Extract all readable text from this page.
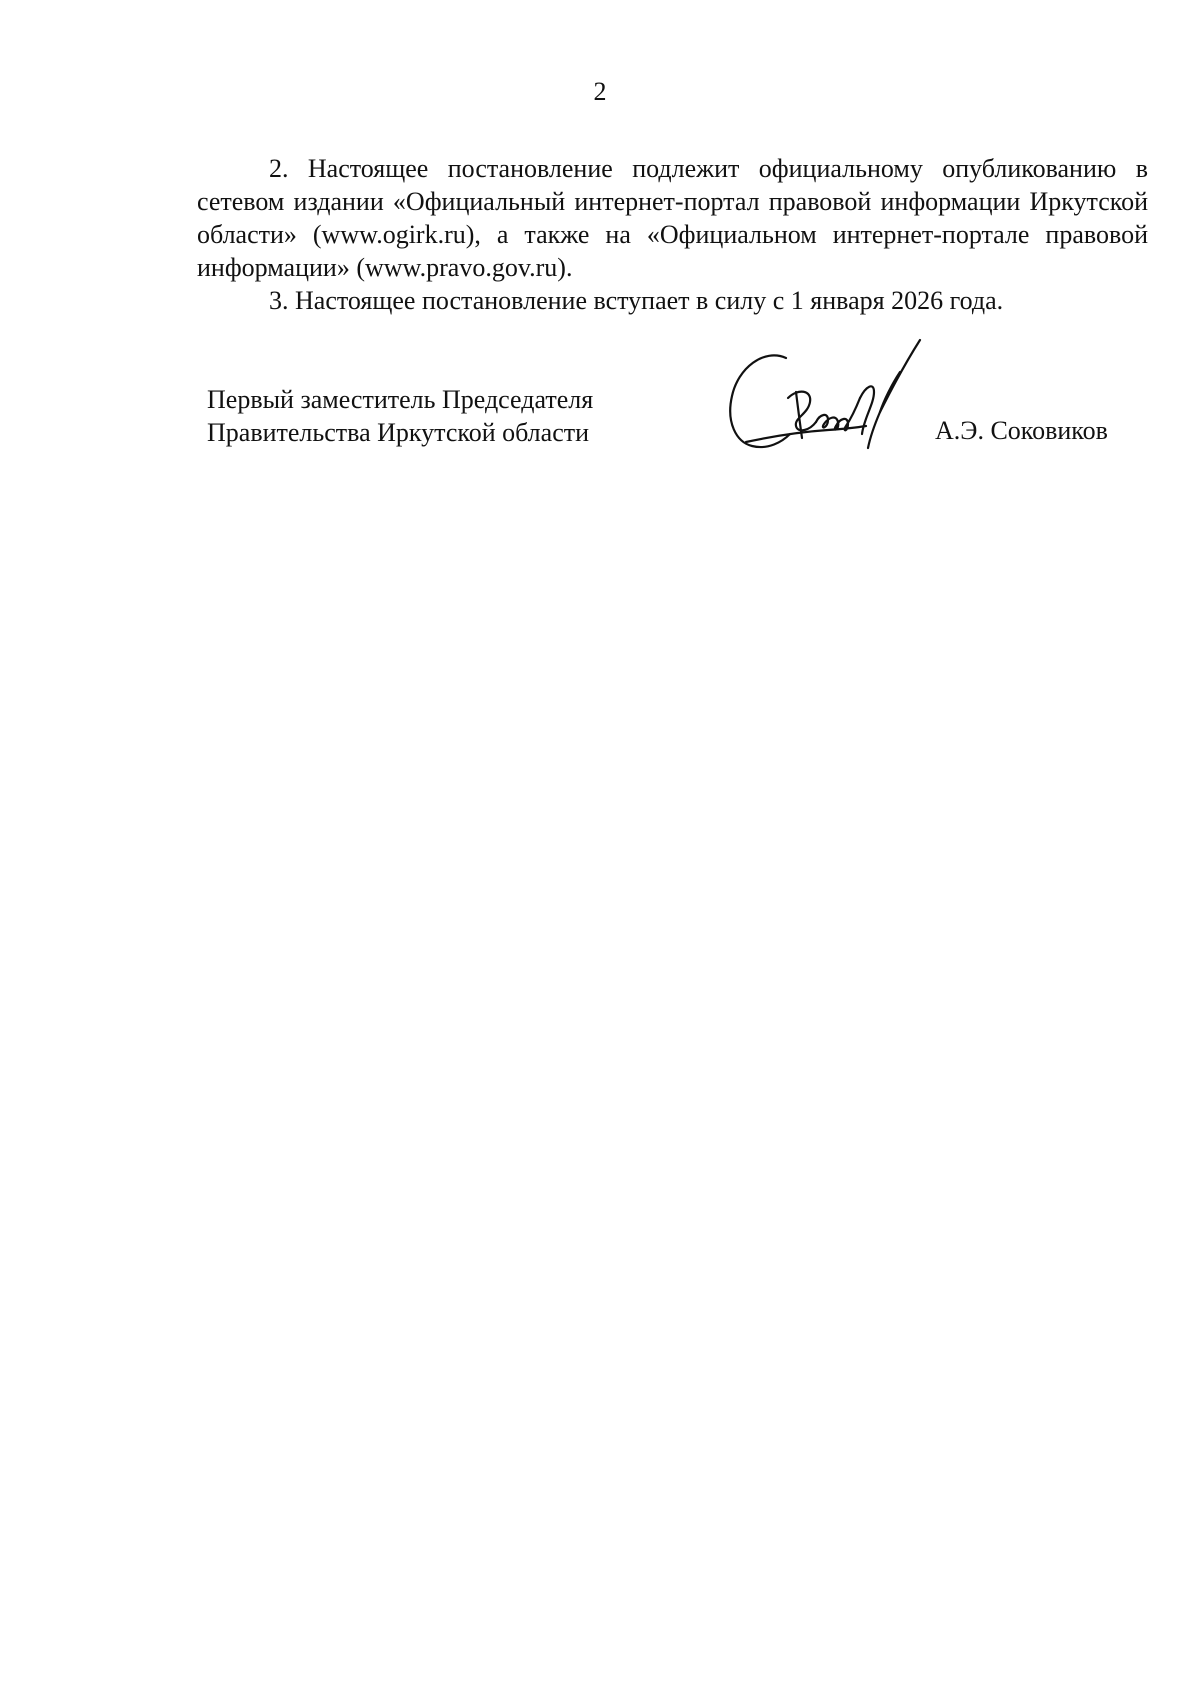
2

2. Настоящее постановление подлежит официальному опубликованию в сетевом издании «Официальный интернет-портал правовой информации Иркутской области» (www.ogirk.ru), а также на «Официальном интернет-портале правовой информации» (www.pravo.gov.ru).

3. Настоящее постановление вступает в силу с 1 января 2026 года.

Первый заместитель Председателя
Правительства Иркутской области	А.Э. Соковиков
